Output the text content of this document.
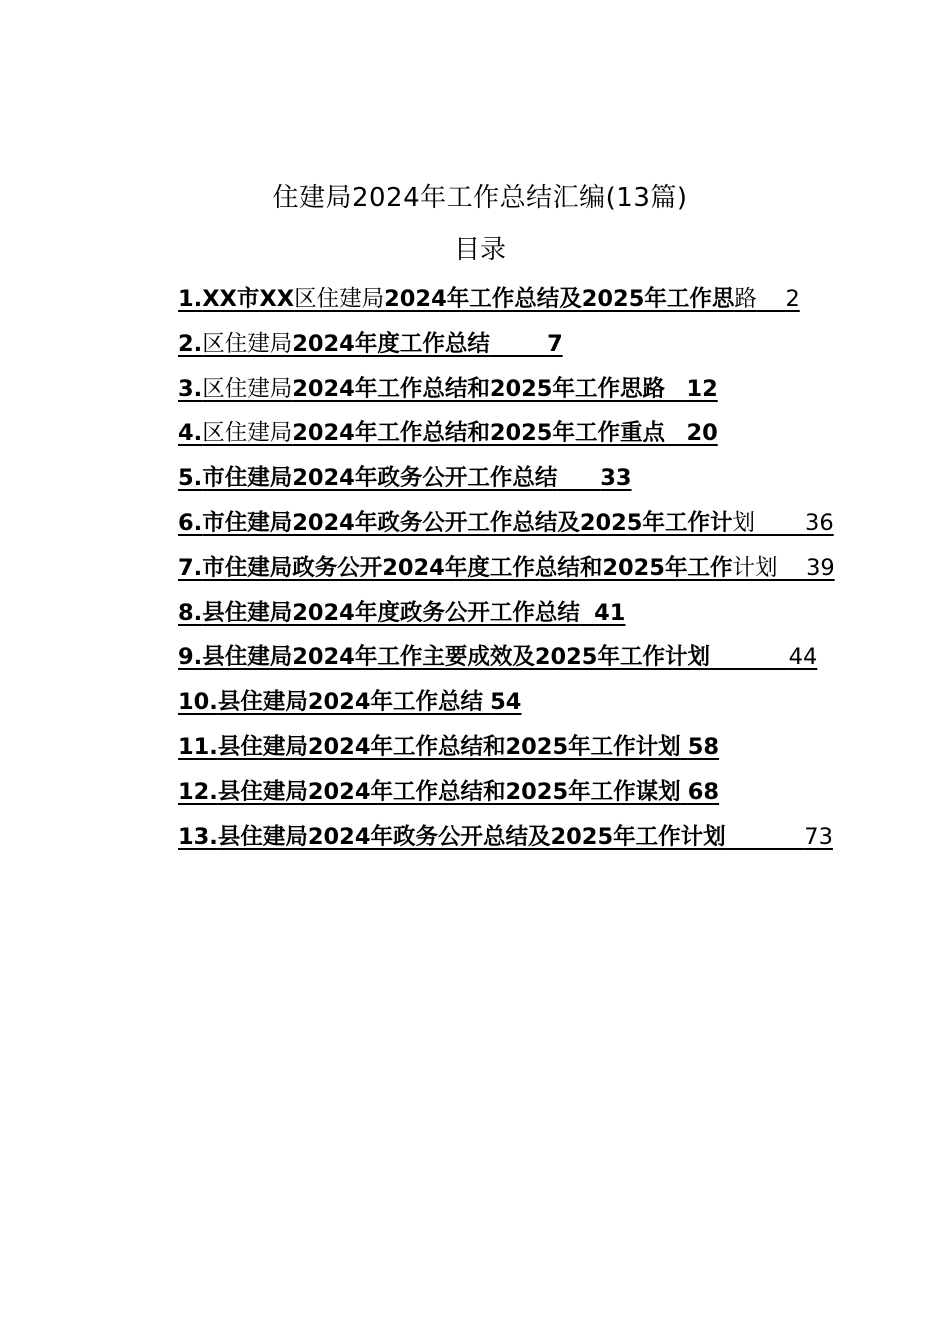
住建局2024年工作总结汇编(13篇)
目录
1.XX市XX区住建局2024年工作总结及2025年工作思路 2
2.区住建局2024年度工作总结	7
3.区住建局2024年工作总结和2025年工作思路 12
4.区住建局2024年工作总结和2025年工作重点 20
5.市住建局2024年政务公开工作总结 33
6.市住建局2024年政务公开工作总结及2025年工作计划 36
7.市住建局政务公开2024年度工作总结和2025年工作计划 39
8.县住建局2024年度政务公开工作总结 41
9.县住建局2024年工作主要成效及2025年工作计划	44
10.县住建局2024年工作总结 54
11.县住建局2024年工作总结和2025年工作计划 58
12.县住建局2024年工作总结和2025年工作谋划 68
13.县住建局2024年政务公开总结及2025年工作计划	73
